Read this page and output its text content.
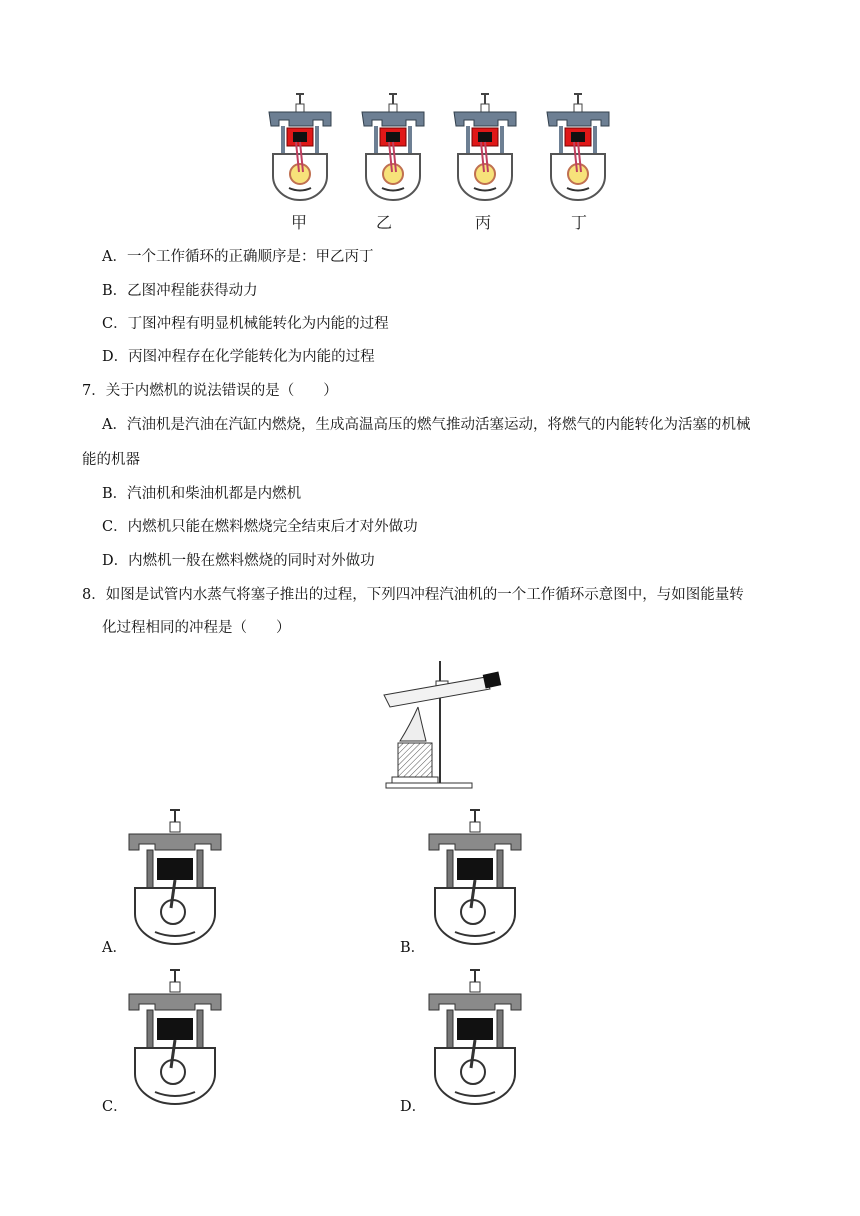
甲	乙	丙	丁
A．一个工作循环的正确顺序是：甲乙丙丁
B．乙图冲程能获得动力
C．丁图冲程有明显机械能转化为内能的过程
D．丙图冲程存在化学能转化为内能的过程
7．关于内燃机的说法错误的是（　　）
A．汽油机是汽油在汽缸内燃烧，生成高温高压的燃气推动活塞运动，将燃气的内能转化为活塞的机械
能的机器
B．汽油机和柴油机都是内燃机
C．内燃机只能在燃料燃烧完全结束后才对外做功
D．内燃机一般在燃料燃烧的同时对外做功
8．如图是试管内水蒸气将塞子推出的过程，下列四冲程汽油机的一个工作循环示意图中，与如图能量转
化过程相同的冲程是（　　）
A．	B．
C．	D．
